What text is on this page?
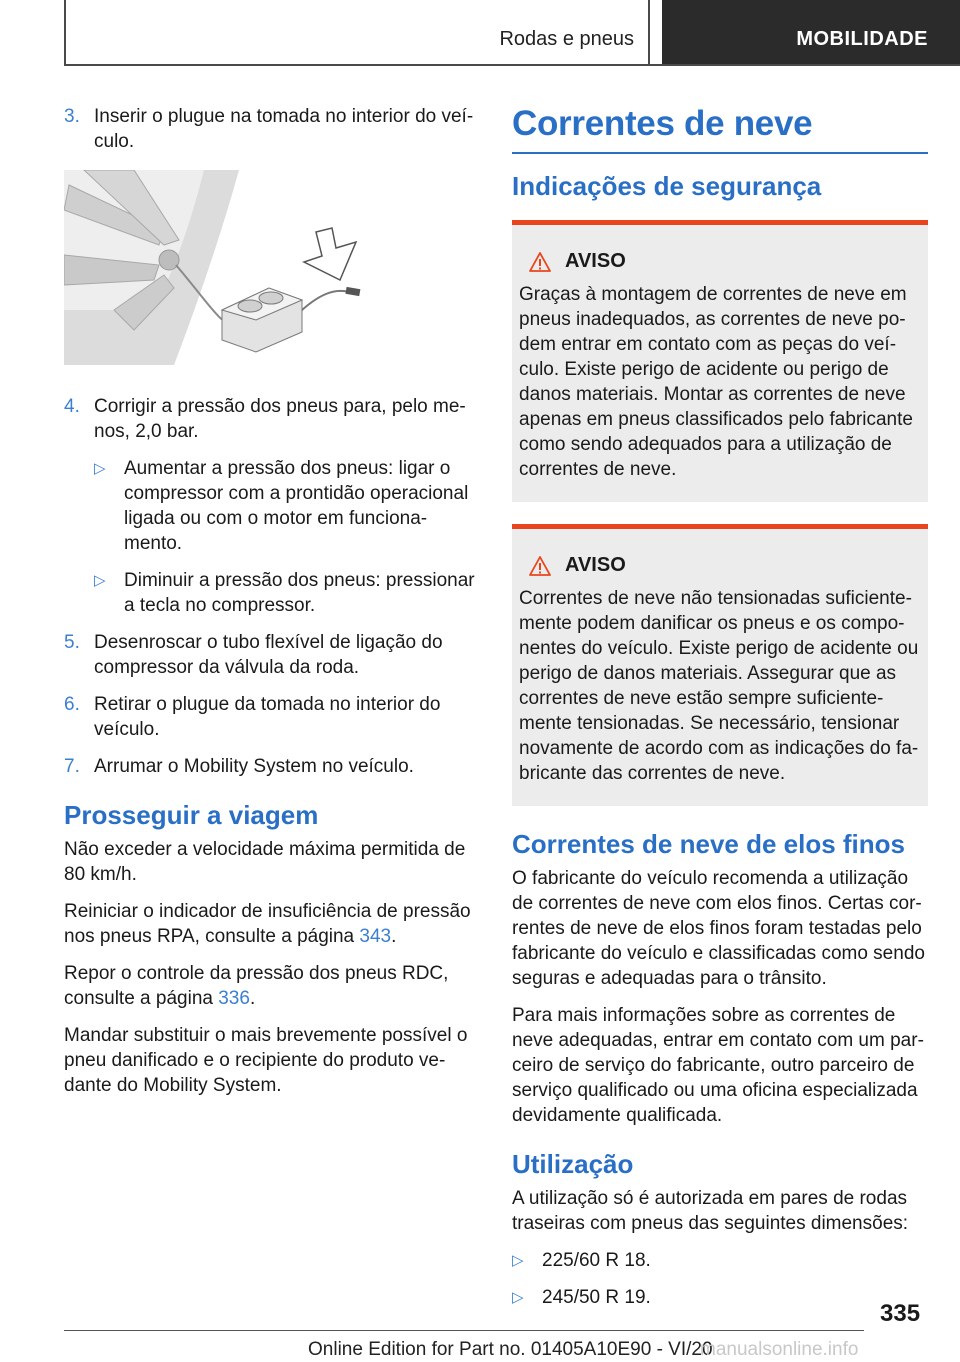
Rodas e pneus	MOBILIDADE
3. Inserir o plugue na tomada no interior do veículo.
4. Corrigir a pressão dos pneus para, pelo menos, 2,0 bar.
▷ Aumentar a pressão dos pneus: ligar o compressor com a prontidão operacional ligada ou com o motor em funcionamento.
▷ Diminuir a pressão dos pneus: pressionar a tecla no compressor.
5. Desenroscar o tubo flexível de ligação do compressor da válvula da roda.
6. Retirar o plugue da tomada no interior do veículo.
7. Arrumar o Mobility System no veículo.
Prosseguir a viagem

Não exceder a velocidade máxima permitida de 80 km/h.

Reiniciar o indicador de insuficiência de pressão nos pneus RPA, consulte a página 343.

Repor o controle da pressão dos pneus RDC, consulte a página 336.

Mandar substituir o mais brevemente possível o pneu danificado e o recipiente do produto vedante do Mobility System.

Correntes de neve
Indicações de segurança
AVISO
Graças à montagem de correntes de neve em pneus inadequados, as correntes de neve podem entrar em contato com as peças do veículo. Existe perigo de acidente ou perigo de danos materiais. Montar as correntes de neve apenas em pneus classificados pelo fabricante como sendo adequados para a utilização de correntes de neve.
AVISO
Correntes de neve não tensionadas suficientemente podem danificar os pneus e os componentes do veículo. Existe perigo de acidente ou perigo de danos materiais. Assegurar que as correntes de neve estão sempre suficientemente tensionadas. Se necessário, tensionar novamente de acordo com as indicações do fabricante das correntes de neve.
Correntes de neve de elos finos

O fabricante do veículo recomenda a utilização de correntes de neve com elos finos. Certas correntes de neve de elos finos foram testadas pelo fabricante do veículo e classificadas como sendo seguras e adequadas para o trânsito.

Para mais informações sobre as correntes de neve adequadas, entrar em contato com um parceiro de serviço do fabricante, outro parceiro de serviço qualificado ou uma oficina especializada devidamente qualificada.

Utilização

A utilização só é autorizada em pares de rodas traseiras com pneus das seguintes dimensões:

▷ 225/60 R 18.
▷ 245/50 R 19.
335
Online Edition for Part no. 01405A10E90 - VI/20
manualsonline.info
